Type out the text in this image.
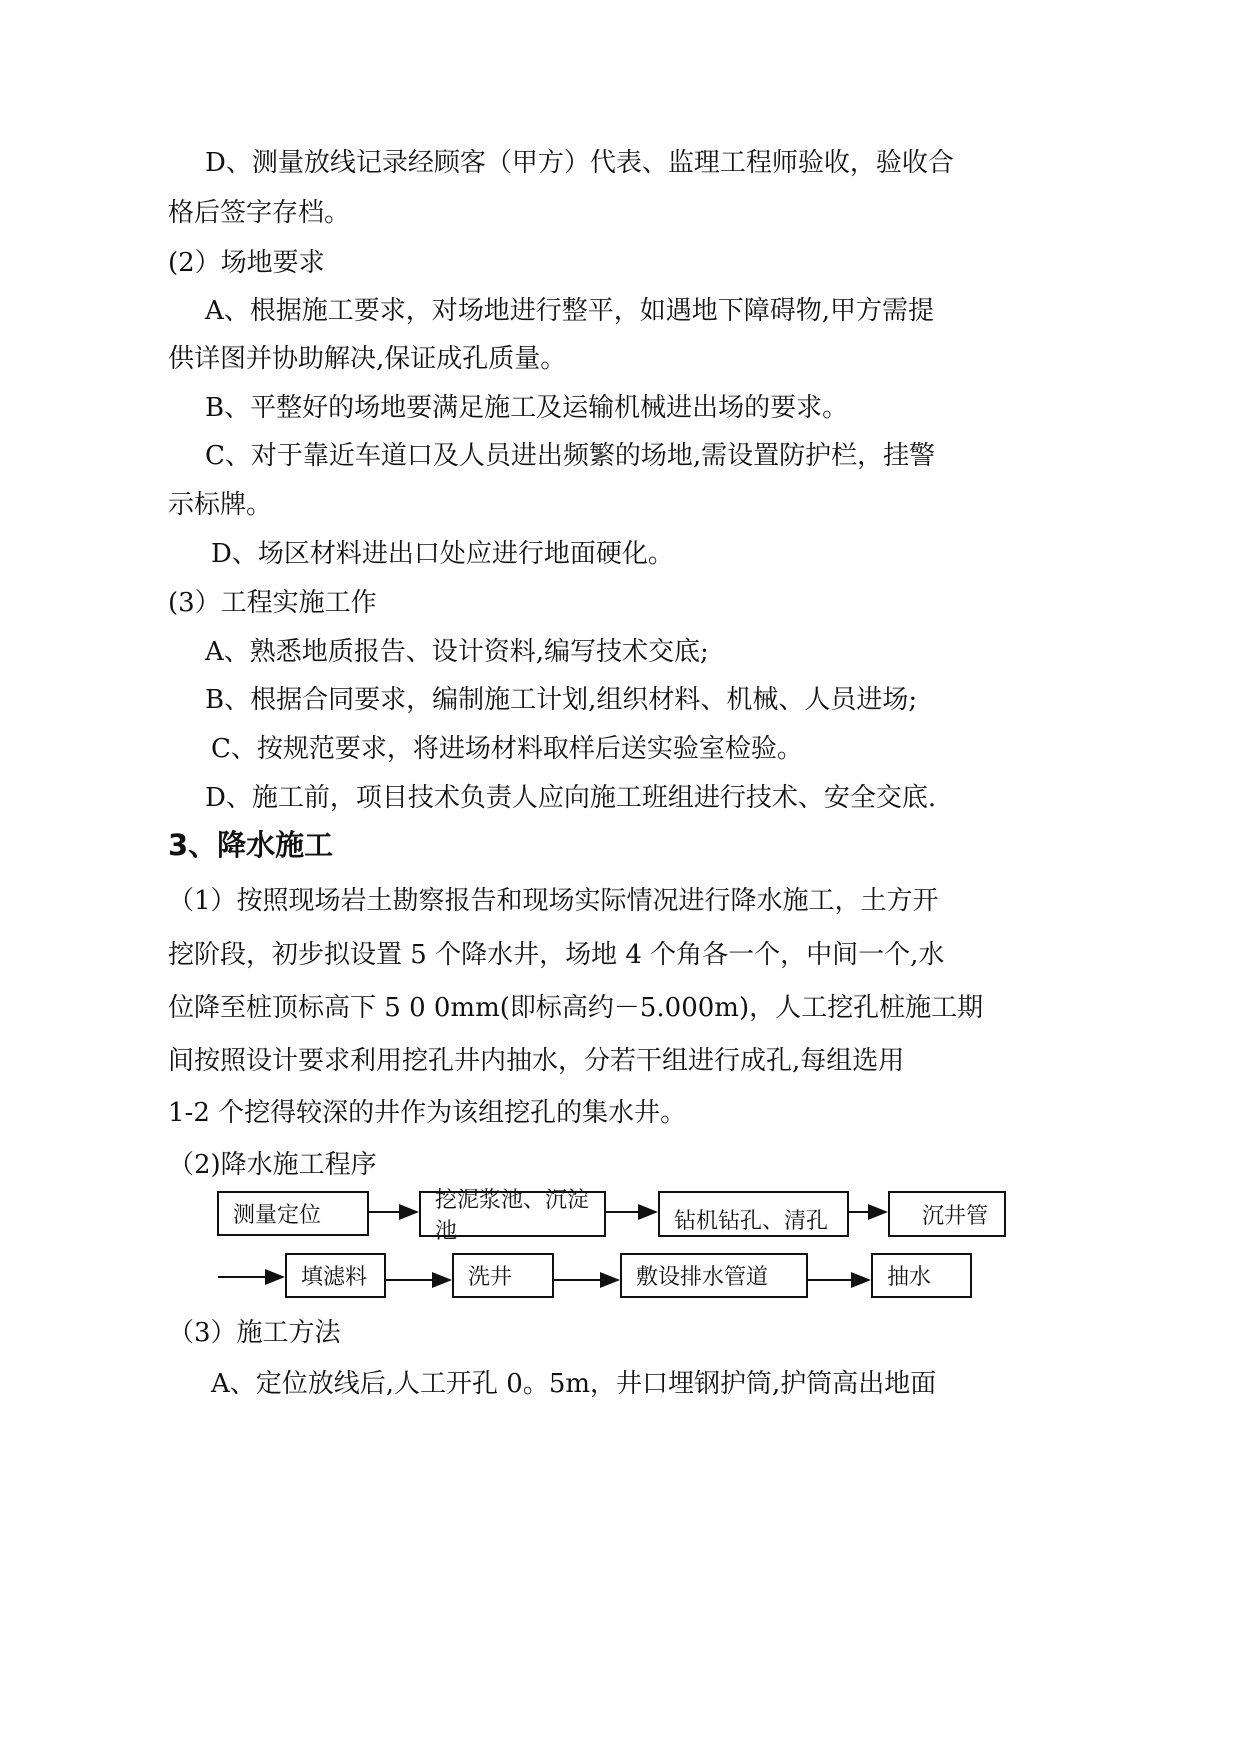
D、测量放线记录经顾客（甲方）代表、监理工程师验收，验收合
格后签字存档。
(2）场地要求
A、根据施工要求，对场地进行整平，如遇地下障碍物,甲方需提
供详图并协助解决,保证成孔质量。
B、平整好的场地要满足施工及运输机械进出场的要求。
C、对于靠近车道口及人员进出频繁的场地,需设置防护栏，挂警
示标牌。
D、场区材料进出口处应进行地面硬化。
(3）工程实施工作
A、熟悉地质报告、设计资料,编写技术交底;
B、根据合同要求，编制施工计划,组织材料、机械、人员进场;
C、按规范要求，将进场材料取样后送实验室检验。
D、施工前，项目技术负责人应向施工班组进行技术、安全交底.
3、降水施工
（1）按照现场岩土勘察报告和现场实际情况进行降水施工，土方开
挖阶段，初步拟设置 5 个降水井，场地 4 个角各一个，中间一个,水
位降至桩顶标高下 5 0 0mm(即标高约－5.000m)，人工挖孔桩施工期
间按照设计要求利用挖孔井内抽水，分若干组进行成孔,每组选用
1-2 个挖得较深的井作为该组挖孔的集水井。
（2)降水施工程序
测量定位
挖泥浆池、沉淀池	钻机钻孔、清孔	沉井管
填滤料	洗井	敷设排水管道	抽水
（3）施工方法
A、定位放线后,人工开孔 0。5m，井口埋钢护筒,护筒高出地面
